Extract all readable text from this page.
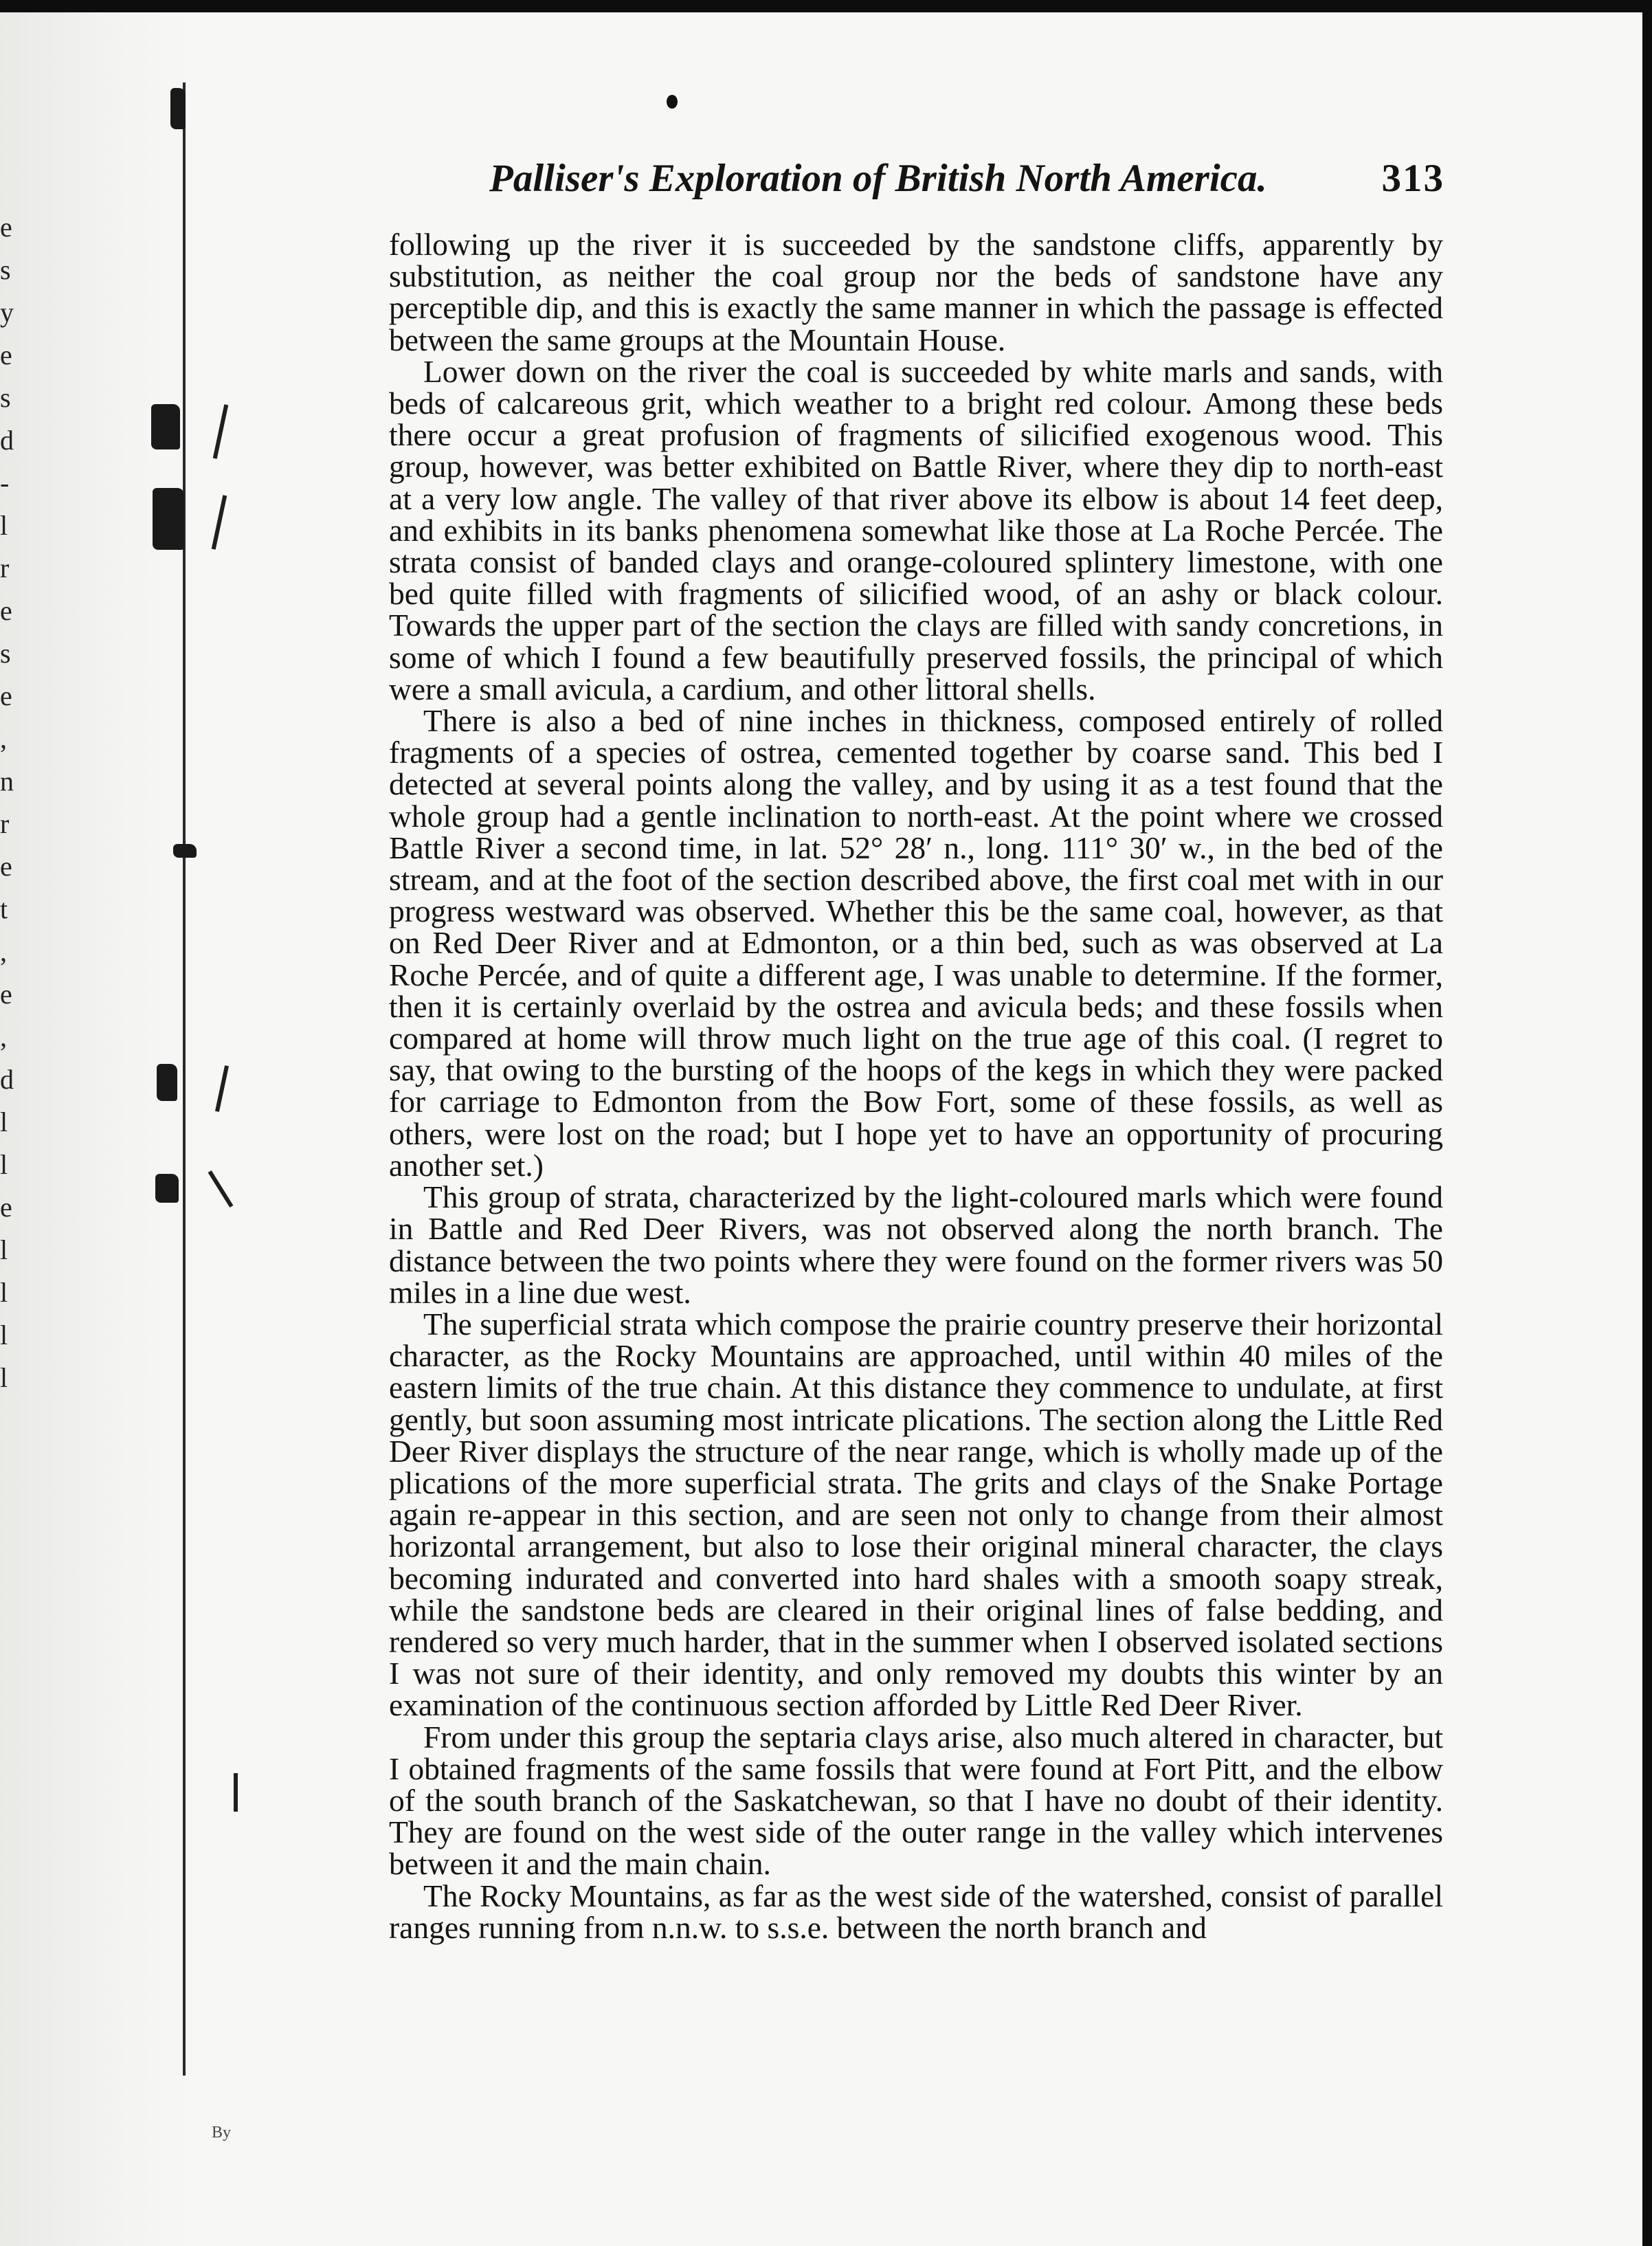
e
s
y
e
s
d
-
l
r
e
s
e
,
n
r
e
t
,
e
,
d
l
l
e
l
l
l
l
Palliser's Exploration of British North America.	313

following up the river it is succeeded by the sandstone cliffs, apparently by substitution, as neither the coal group nor the beds of sandstone have any perceptible dip, and this is exactly the same manner in which the passage is effected between the same groups at the Mountain House.

Lower down on the river the coal is succeeded by white marls and sands, with beds of calcareous grit, which weather to a bright red colour. Among these beds there occur a great profusion of fragments of silicified exogenous wood. This group, however, was better exhibited on Battle River, where they dip to north-east at a very low angle. The valley of that river above its elbow is about 14 feet deep, and exhibits in its banks phenomena somewhat like those at La Roche Percée. The strata consist of banded clays and orange-coloured splintery limestone, with one bed quite filled with fragments of silicified wood, of an ashy or black colour. Towards the upper part of the section the clays are filled with sandy concretions, in some of which I found a few beautifully preserved fossils, the principal of which were a small avicula, a cardium, and other littoral shells.

There is also a bed of nine inches in thickness, composed entirely of rolled fragments of a species of ostrea, cemented together by coarse sand. This bed I detected at several points along the valley, and by using it as a test found that the whole group had a gentle inclination to north-east. At the point where we crossed Battle River a second time, in lat. 52° 28′ n., long. 111° 30′ w., in the bed of the stream, and at the foot of the section described above, the first coal met with in our progress westward was observed. Whether this be the same coal, however, as that on Red Deer River and at Edmonton, or a thin bed, such as was observed at La Roche Percée, and of quite a different age, I was unable to determine. If the former, then it is certainly overlaid by the ostrea and avicula beds; and these fossils when compared at home will throw much light on the true age of this coal. (I regret to say, that owing to the bursting of the hoops of the kegs in which they were packed for carriage to Edmonton from the Bow Fort, some of these fossils, as well as others, were lost on the road; but I hope yet to have an opportunity of procuring another set.)

This group of strata, characterized by the light-coloured marls which were found in Battle and Red Deer Rivers, was not observed along the north branch. The distance between the two points where they were found on the former rivers was 50 miles in a line due west.

The superficial strata which compose the prairie country preserve their horizontal character, as the Rocky Mountains are approached, until within 40 miles of the eastern limits of the true chain. At this distance they commence to undulate, at first gently, but soon assuming most intricate plications. The section along the Little Red Deer River displays the structure of the near range, which is wholly made up of the plications of the more superficial strata. The grits and clays of the Snake Portage again re-appear in this section, and are seen not only to change from their almost horizontal arrangement, but also to lose their original mineral character, the clays becoming indurated and converted into hard shales with a smooth soapy streak, while the sandstone beds are cleared in their original lines of false bedding, and rendered so very much harder, that in the summer when I observed isolated sections I was not sure of their identity, and only removed my doubts this winter by an examination of the continuous section afforded by Little Red Deer River.

From under this group the septaria clays arise, also much altered in character, but I obtained fragments of the same fossils that were found at Fort Pitt, and the elbow of the south branch of the Saskatchewan, so that I have no doubt of their identity. They are found on the west side of the outer range in the valley which intervenes between it and the main chain.

The Rocky Mountains, as far as the west side of the watershed, consist of parallel ranges running from n.n.w. to s.s.e. between the north branch and

By
